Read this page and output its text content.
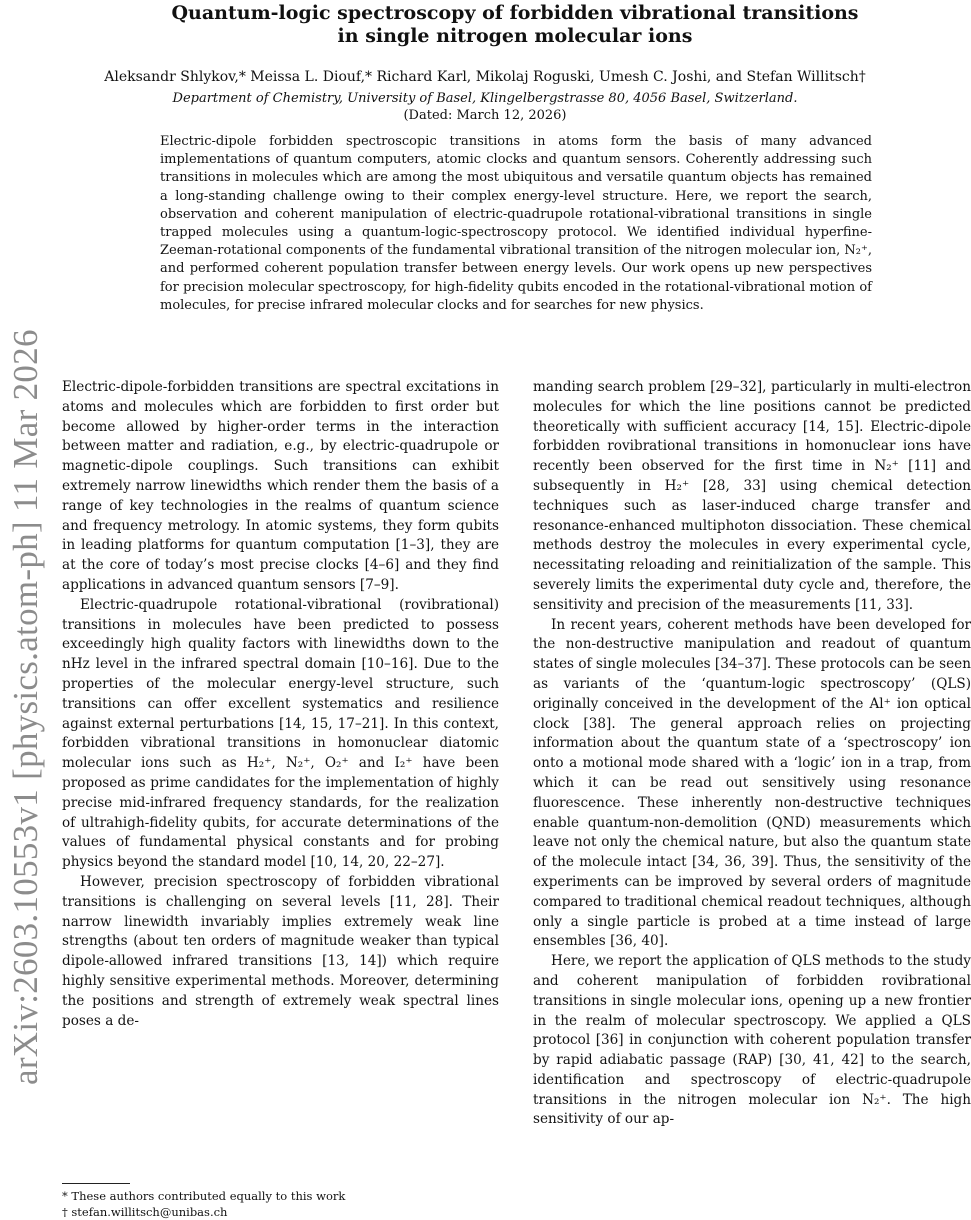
arXiv:2603.10553v1 [physics.atom-ph] 11 Mar 2026
Quantum-logic spectroscopy of forbidden vibrational transitions
in single nitrogen molecular ions
Aleksandr Shlykov,* Meissa L. Diouf,* Richard Karl, Mikolaj Roguski, Umesh C. Joshi, and Stefan Willitsch†
Department of Chemistry, University of Basel, Klingelbergstrasse 80, 4056 Basel, Switzerland.
(Dated: March 12, 2026)
Electric-dipole forbidden spectroscopic transitions in atoms form the basis of many advanced implementations of quantum computers, atomic clocks and quantum sensors. Coherently addressing such transitions in molecules which are among the most ubiquitous and versatile quantum objects has remained a long-standing challenge owing to their complex energy-level structure. Here, we report the search, observation and coherent manipulation of electric-quadrupole rotational-vibrational transitions in single trapped molecules using a quantum-logic-spectroscopy protocol. We identified individual hyperfine-Zeeman-rotational components of the fundamental vibrational transition of the nitrogen molecular ion, N₂⁺, and performed coherent population transfer between energy levels. Our work opens up new perspectives for precision molecular spectroscopy, for high-fidelity qubits encoded in the rotational-vibrational motion of molecules, for precise infrared molecular clocks and for searches for new physics.

Electric-dipole-forbidden transitions are spectral excitations in atoms and molecules which are forbidden to first order but become allowed by higher-order terms in the interaction between matter and radiation, e.g., by electric-quadrupole or magnetic-dipole couplings. Such transitions can exhibit extremely narrow linewidths which render them the basis of a range of key technologies in the realms of quantum science and frequency metrology. In atomic systems, they form qubits in leading platforms for quantum computation [1–3], they are at the core of today’s most precise clocks [4–6] and they find applications in advanced quantum sensors [7–9].

Electric-quadrupole rotational-vibrational (rovibrational) transitions in molecules have been predicted to possess exceedingly high quality factors with linewidths down to the nHz level in the infrared spectral domain [10–16]. Due to the properties of the molecular energy-level structure, such transitions can offer excellent systematics and resilience against external perturbations [14, 15, 17–21]. In this context, forbidden vibrational transitions in homonuclear diatomic molecular ions such as H₂⁺, N₂⁺, O₂⁺ and I₂⁺ have been proposed as prime candidates for the implementation of highly precise mid-infrared frequency standards, for the realization of ultrahigh-fidelity qubits, for accurate determinations of the values of fundamental physical constants and for probing physics beyond the standard model [10, 14, 20, 22–27].

However, precision spectroscopy of forbidden vibrational transitions is challenging on several levels [11, 28]. Their narrow linewidth invariably implies extremely weak line strengths (about ten orders of magnitude weaker than typical dipole-allowed infrared transitions [13, 14]) which require highly sensitive experimental methods. Moreover, determining the positions and strength of extremely weak spectral lines poses a de-

manding search problem [29–32], particularly in multi-electron molecules for which the line positions cannot be predicted theoretically with sufficient accuracy [14, 15]. Electric-dipole forbidden rovibrational transitions in homonuclear ions have recently been observed for the first time in N₂⁺ [11] and subsequently in H₂⁺ [28, 33] using chemical detection techniques such as laser-induced charge transfer and resonance-enhanced multiphoton dissociation. These chemical methods destroy the molecules in every experimental cycle, necessitating reloading and reinitialization of the sample. This severely limits the experimental duty cycle and, therefore, the sensitivity and precision of the measurements [11, 33].

In recent years, coherent methods have been developed for the non-destructive manipulation and readout of quantum states of single molecules [34–37]. These protocols can be seen as variants of the ‘quantum-logic spectroscopy’ (QLS) originally conceived in the development of the Al⁺ ion optical clock [38]. The general approach relies on projecting information about the quantum state of a ‘spectroscopy’ ion onto a motional mode shared with a ‘logic’ ion in a trap, from which it can be read out sensitively using resonance fluorescence. These inherently non-destructive techniques enable quantum-non-demolition (QND) measurements which leave not only the chemical nature, but also the quantum state of the molecule intact [34, 36, 39]. Thus, the sensitivity of the experiments can be improved by several orders of magnitude compared to traditional chemical readout techniques, although only a single particle is probed at a time instead of large ensembles [36, 40].

Here, we report the application of QLS methods to the study and coherent manipulation of forbidden rovibrational transitions in single molecular ions, opening up a new frontier in the realm of molecular spectroscopy. We applied a QLS protocol [36] in conjunction with coherent population transfer by rapid adiabatic passage (RAP) [30, 41, 42] to the search, identification and spectroscopy of electric-quadrupole transitions in the nitrogen molecular ion N₂⁺. The high sensitivity of our ap-

* These authors contributed equally to this work
† stefan.willitsch@unibas.ch
